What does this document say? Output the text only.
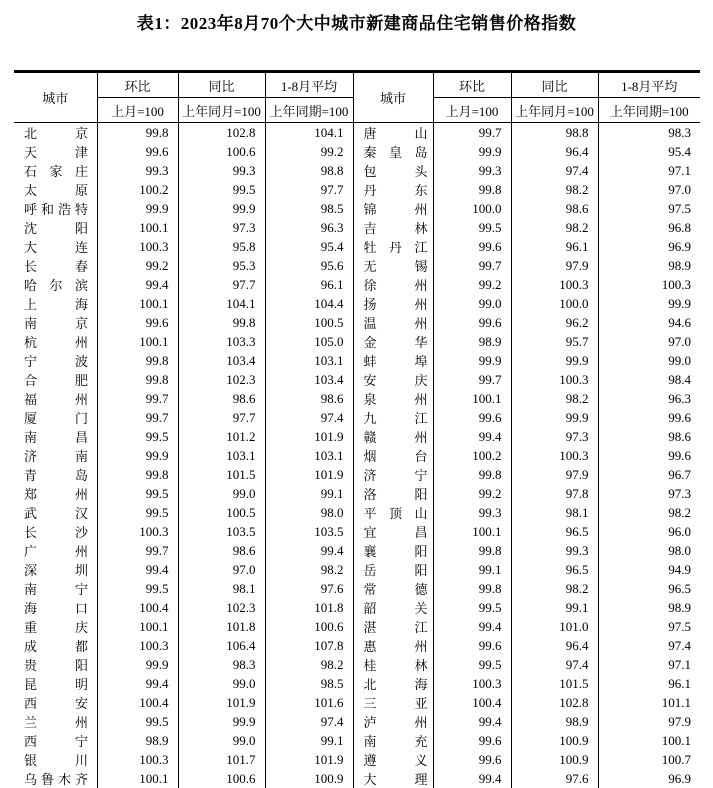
表1：2023年8月70个大中城市新建商品住宅销售价格指数
城市	环比	同比	1-8月平均	城市	环比	同比	1-8月平均
	上月=100	上年同月=100	上年同期=100		上月=100	上年同月=100	上年同期=100

北京	99.8	102.8	104.1	唐山	99.7	98.8	98.3

天津	99.6	100.6	99.2	秦皇岛	99.9	96.4	95.4

石家庄	99.3	99.3	98.8	包头	99.3	97.4	97.1

太原	100.2	99.5	97.7	丹东	99.8	98.2	97.0

呼和浩特	99.9	99.9	98.5	锦州	100.0	98.6	97.5

沈阳	100.1	97.3	96.3	吉林	99.5	98.2	96.8

大连	100.3	95.8	95.4	牡丹江	99.6	96.1	96.9

长春	99.2	95.3	95.6	无锡	99.7	97.9	98.9

哈尔滨	99.4	97.7	96.1	徐州	99.2	100.3	100.3

上海	100.1	104.1	104.4	扬州	99.0	100.0	99.9

南京	99.6	99.8	100.5	温州	99.6	96.2	94.6

杭州	100.1	103.3	105.0	金华	98.9	95.7	97.0

宁波	99.8	103.4	103.1	蚌埠	99.9	99.9	99.0

合肥	99.8	102.3	103.4	安庆	99.7	100.3	98.4

福州	99.7	98.6	98.6	泉州	100.1	98.2	96.3

厦门	99.7	97.7	97.4	九江	99.6	99.9	99.6

南昌	99.5	101.2	101.9	赣州	99.4	97.3	98.6

济南	99.9	103.1	103.1	烟台	100.2	100.3	99.6

青岛	99.8	101.5	101.9	济宁	99.8	97.9	96.7

郑州	99.5	99.0	99.1	洛阳	99.2	97.8	97.3

武汉	99.5	100.5	98.0	平顶山	99.3	98.1	98.2

长沙	100.3	103.5	103.5	宜昌	100.1	96.5	96.0

广州	99.7	98.6	99.4	襄阳	99.8	99.3	98.0

深圳	99.4	97.0	98.2	岳阳	99.1	96.5	94.9

南宁	99.5	98.1	97.6	常德	99.8	98.2	96.5

海口	100.4	102.3	101.8	韶关	99.5	99.1	98.9

重庆	100.1	101.8	100.6	湛江	99.4	101.0	97.5

成都	100.3	106.4	107.8	惠州	99.6	96.4	97.4

贵阳	99.9	98.3	98.2	桂林	99.5	97.4	97.1

昆明	99.4	99.0	98.5	北海	100.3	101.5	96.1

西安	100.4	101.9	101.6	三亚	100.4	102.8	101.1

兰州	99.5	99.9	97.4	泸州	99.4	98.9	97.9

西宁	98.9	99.0	99.1	南充	99.6	100.9	100.1

银川	100.3	101.7	101.9	遵义	99.6	100.9	100.7

乌鲁木齐	100.1	100.6	100.9	大理	99.4	97.6	96.9
